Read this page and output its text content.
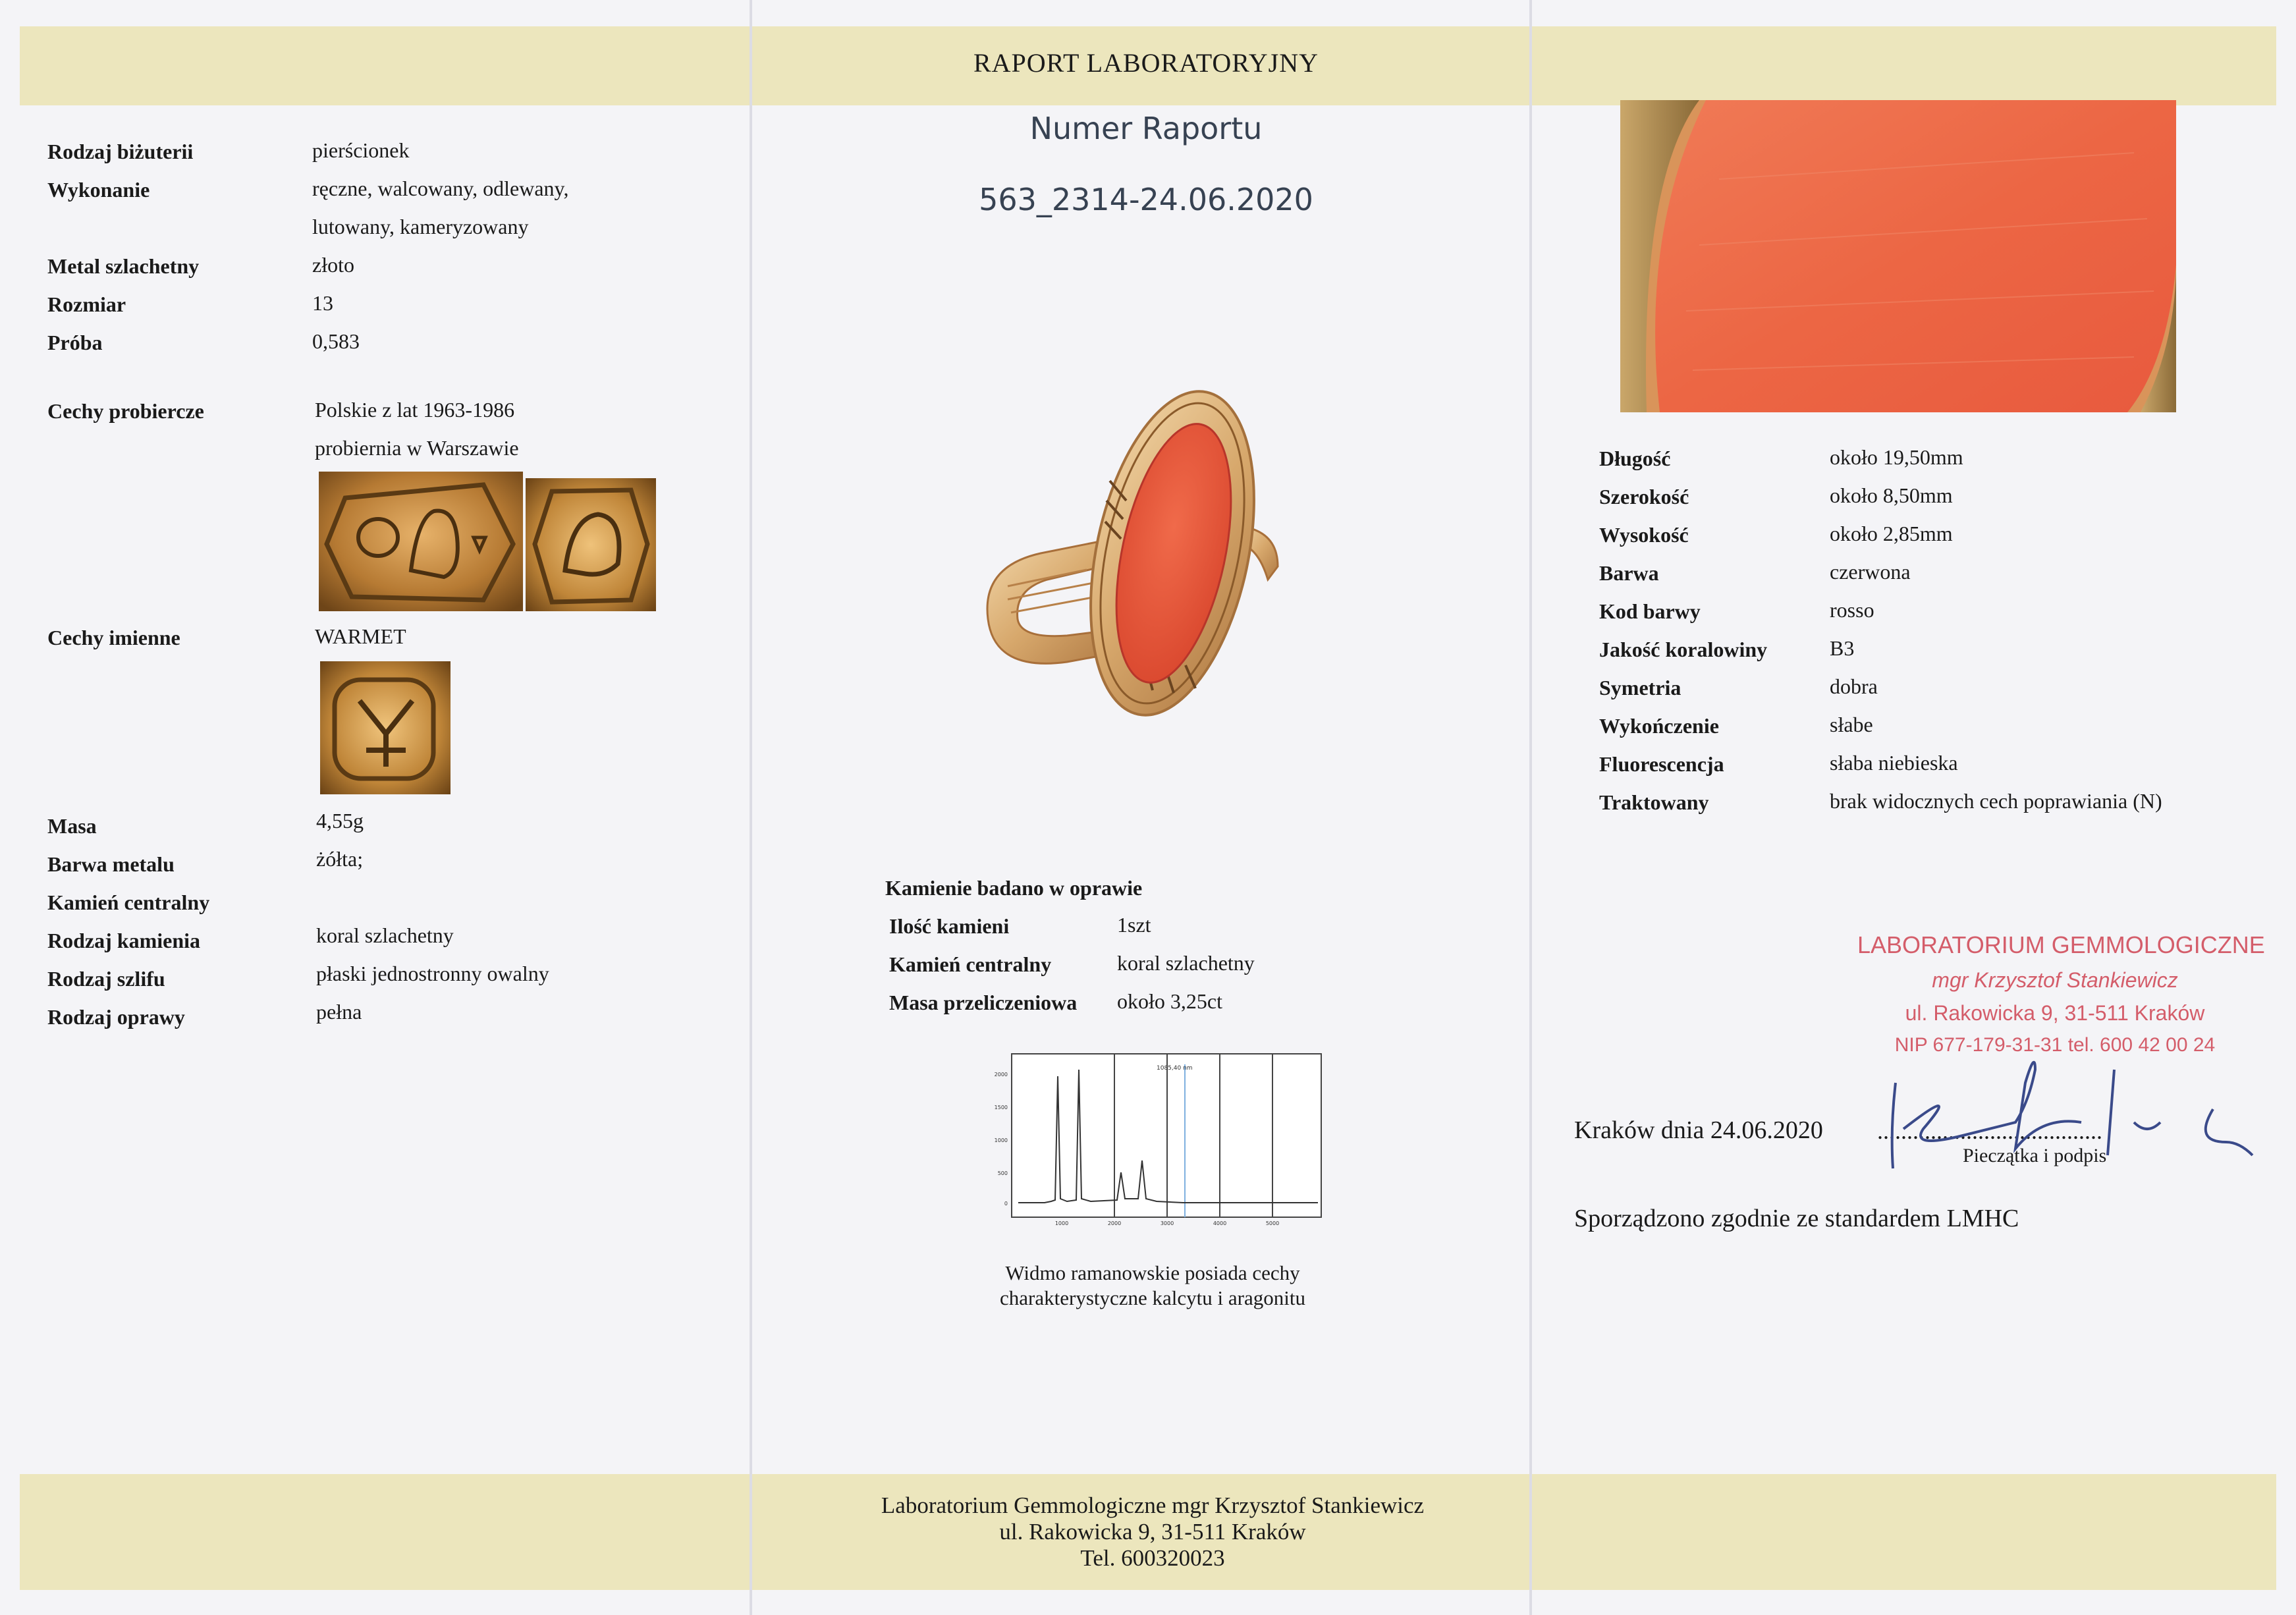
RAPORT LABORATORYJNY
Numer Raportu
563_2314-24.06.2020
Rodzaj biżuterii	pierścionek
Wykonanie	ręczne, walcowany, odlewany,
lutowany, kameryzowany
Metal szlachetny	złoto
Rozmiar	13
Próba	0,583
Cechy probiercze	Polskie z lat 1963-1986
probiernia w Warszawie
Cechy imienne	WARMET
Masa	4,55g
Barwa metalu	żółta;
Kamień centralny
Rodzaj kamienia	koral szlachetny
Rodzaj szlifu	płaski jednostronny owalny
Rodzaj oprawy	pełna
Kamienie badano w oprawie
Ilość kamieni	1szt
Kamień centralny	koral szlachetny
Masa przeliczeniowa około 3,25ct
1085,40 nm
2000
1500
1000
500
0
1000	2000	3000	4000	5000
Widmo ramanowskie posiada cechy
charakterystyczne kalcytu i aragonitu
Długość	około 19,50mm
Szerokość	około 8,50mm
Wysokość	około 2,85mm
Barwa	czerwona
Kod barwy	rosso
Jakość koralowiny	B3
Symetria	dobra
Wykończenie	słabe
Fluorescencja	słaba niebieska
Traktowany	brak widocznych cech poprawiania (N)
LABORATORIUM GEMMOLOGICZNE
mgr Krzysztof Stankiewicz
ul. Rakowicka 9, 31-511 Kraków
NIP 677-179-31-31 tel. 600 42 00 24
Kraków dnia 24.06.2020 ......................................
Pieczątka i podpis
Sporządzono zgodnie ze standardem LMHC
Laboratorium Gemmologiczne mgr Krzysztof Stankiewicz
ul. Rakowicka 9, 31-511 Kraków
Tel. 600320023
